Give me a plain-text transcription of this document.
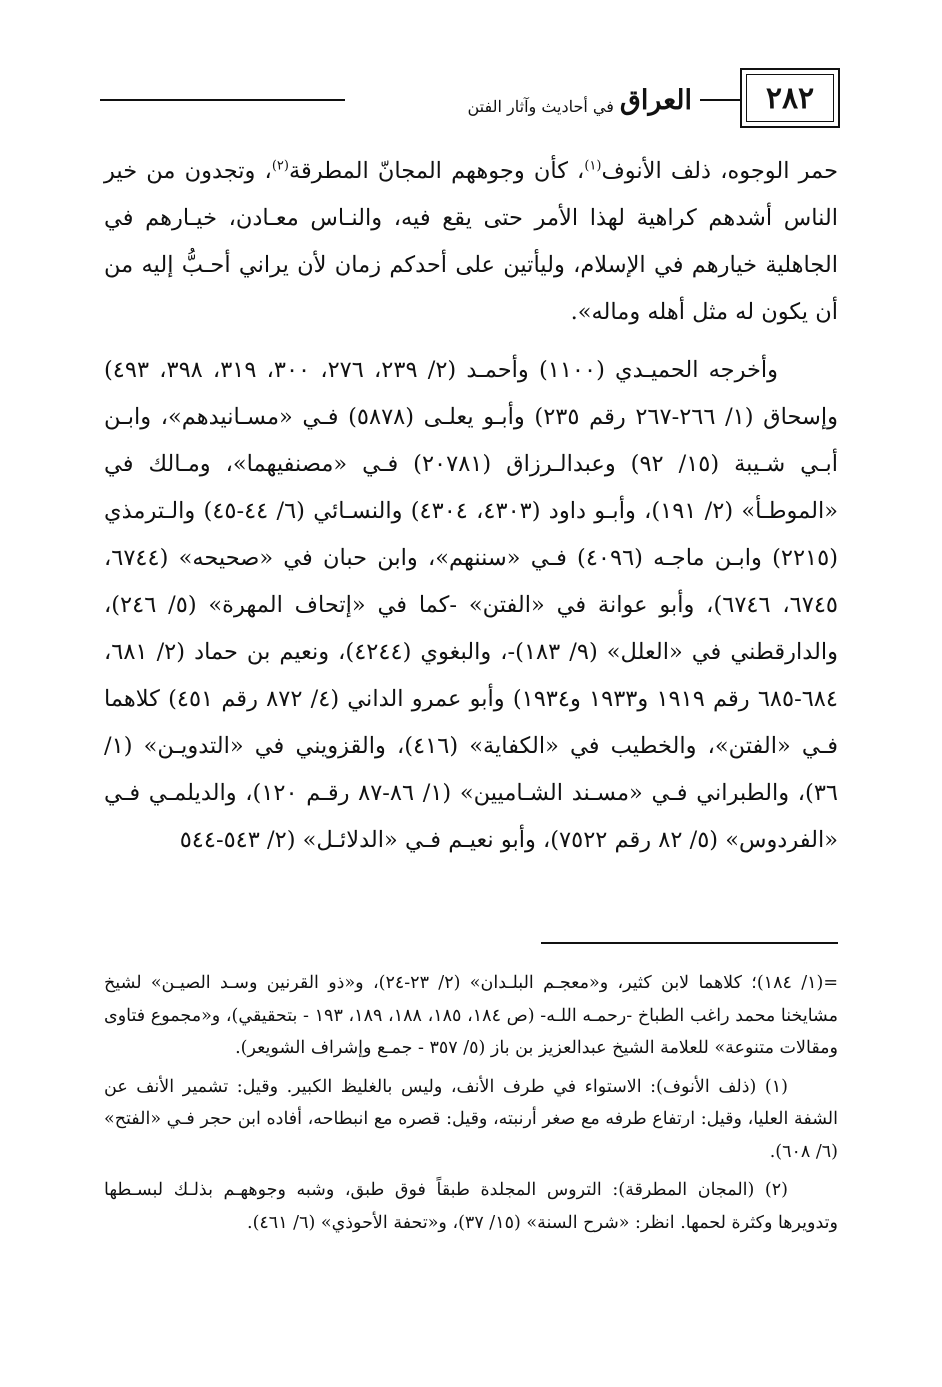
٢٨٢
العراق
في أحاديث وآثار الفتن

حمر الوجوه، ذلف الأنوف$^{(١)}$، كأن وجوههم المجانّ المطرقة$^{(٢)}$، وتجدون من خير الناس أشدهم كراهية لهذا الأمر حتى يقع فيه، والنـاس معـادن، خيـارهم في الجاهلية خيارهم في الإسلام، وليأتين على أحدكم زمان لأن يراني أحـبُّ إليه من أن يكون له مثل أهله وماله».

وأخرجه الحميـدي (١١٠٠) وأحمـد (٢/ ٢٣٩، ٢٧٦، ٣٠٠، ٣١٩، ٣٩٨، ٤٩٣) وإسحاق (١/ ٢٦٦-٢٦٧ رقم ٢٣٥) وأبـو يعلـى (٥٨٧٨) فـي «مسـانيدهم»، وابـن أبـي شـيبة (١٥/ ٩٢) وعبدالـرزاق (٢٠٧٨١) فـي «مصنفيهما»، ومـالك في «الموطـأ» (٢/ ١٩١)، وأبـو داود (٤٣٠٣، ٤٣٠٤) والنسـائي (٦/ ٤٤-٤٥) والـترمذي (٢٢١٥) وابـن ماجـه (٤٠٩٦) فـي «سننهم»، وابن حبان في «صحيحه» (٦٧٤٤، ٦٧٤٥، ٦٧٤٦)، وأبو عوانة في «الفتن» -كما في «إتحاف المهرة» (٥/ ٢٤٦)، والدارقطني في «العلل» (٩/ ١٨٣)-، والبغوي (٤٢٤٤)، ونعيم بن حماد (٢/ ٦٨١، ٦٨٤-٦٨٥ رقم ١٩١٩ و١٩٣٣ و١٩٣٤) وأبو عمرو الداني (٤/ ٨٧٢ رقم ٤٥١) كلاهما فـي «الفتن»، والخطيب في «الكفاية» (٤١٦)، والقزويني في «التدويـن» (١/ ٣٦)، والطبراني فـي «مسـند الشـاميين» (١/ ٨٦-٨٧ رقـم ١٢٠)، والديلمـي فـي «الفردوس» (٥/ ٨٢ رقم ٧٥٢٢)، وأبو نعيـم فـي «الدلائـل» (٢/ ٥٤٣-٥٤٤

=(١/ ١٨٤)؛ كلاهما لابن كثير، و«معجـم البلـدان» (٢/ ٢٣-٢٤)، و«ذو القرنين وسـد الصيـن» لشيخ مشايخنا محمد راغب الطباخ -رحمـه اللـه- (ص ١٨٤، ١٨٥، ١٨٨، ١٨٩، ١٩٣ - بتحقيقي)، و«مجموع فتاوى ومقالات متنوعة» للعلامة الشيخ عبدالعزيز بن باز (٥/ ٣٥٧ - جمـع وإشراف الشويعر).

(١) (ذلف الأنوف): الاستواء في طرف الأنف، وليس بالغليظ الكبير. وقيل: تشمير الأنف عن الشفة العليا، وقيل: ارتفاع طرفه مع صغر أرنبته، وقيل: قصره مع انبطاحه، أفاده ابن حجر فـي «الفتح» (٦/ ٦٠٨).

(٢) (المجان المطرقة): التروس المجلدة طبقاً فوق طبق، وشبه وجوههـم بذلـك لبسـطها وتدويرها وكثرة لحمها. انظر: «شرح السنة» (١٥/ ٣٧)، و«تحفة الأحوذي» (٦/ ٤٦١).
